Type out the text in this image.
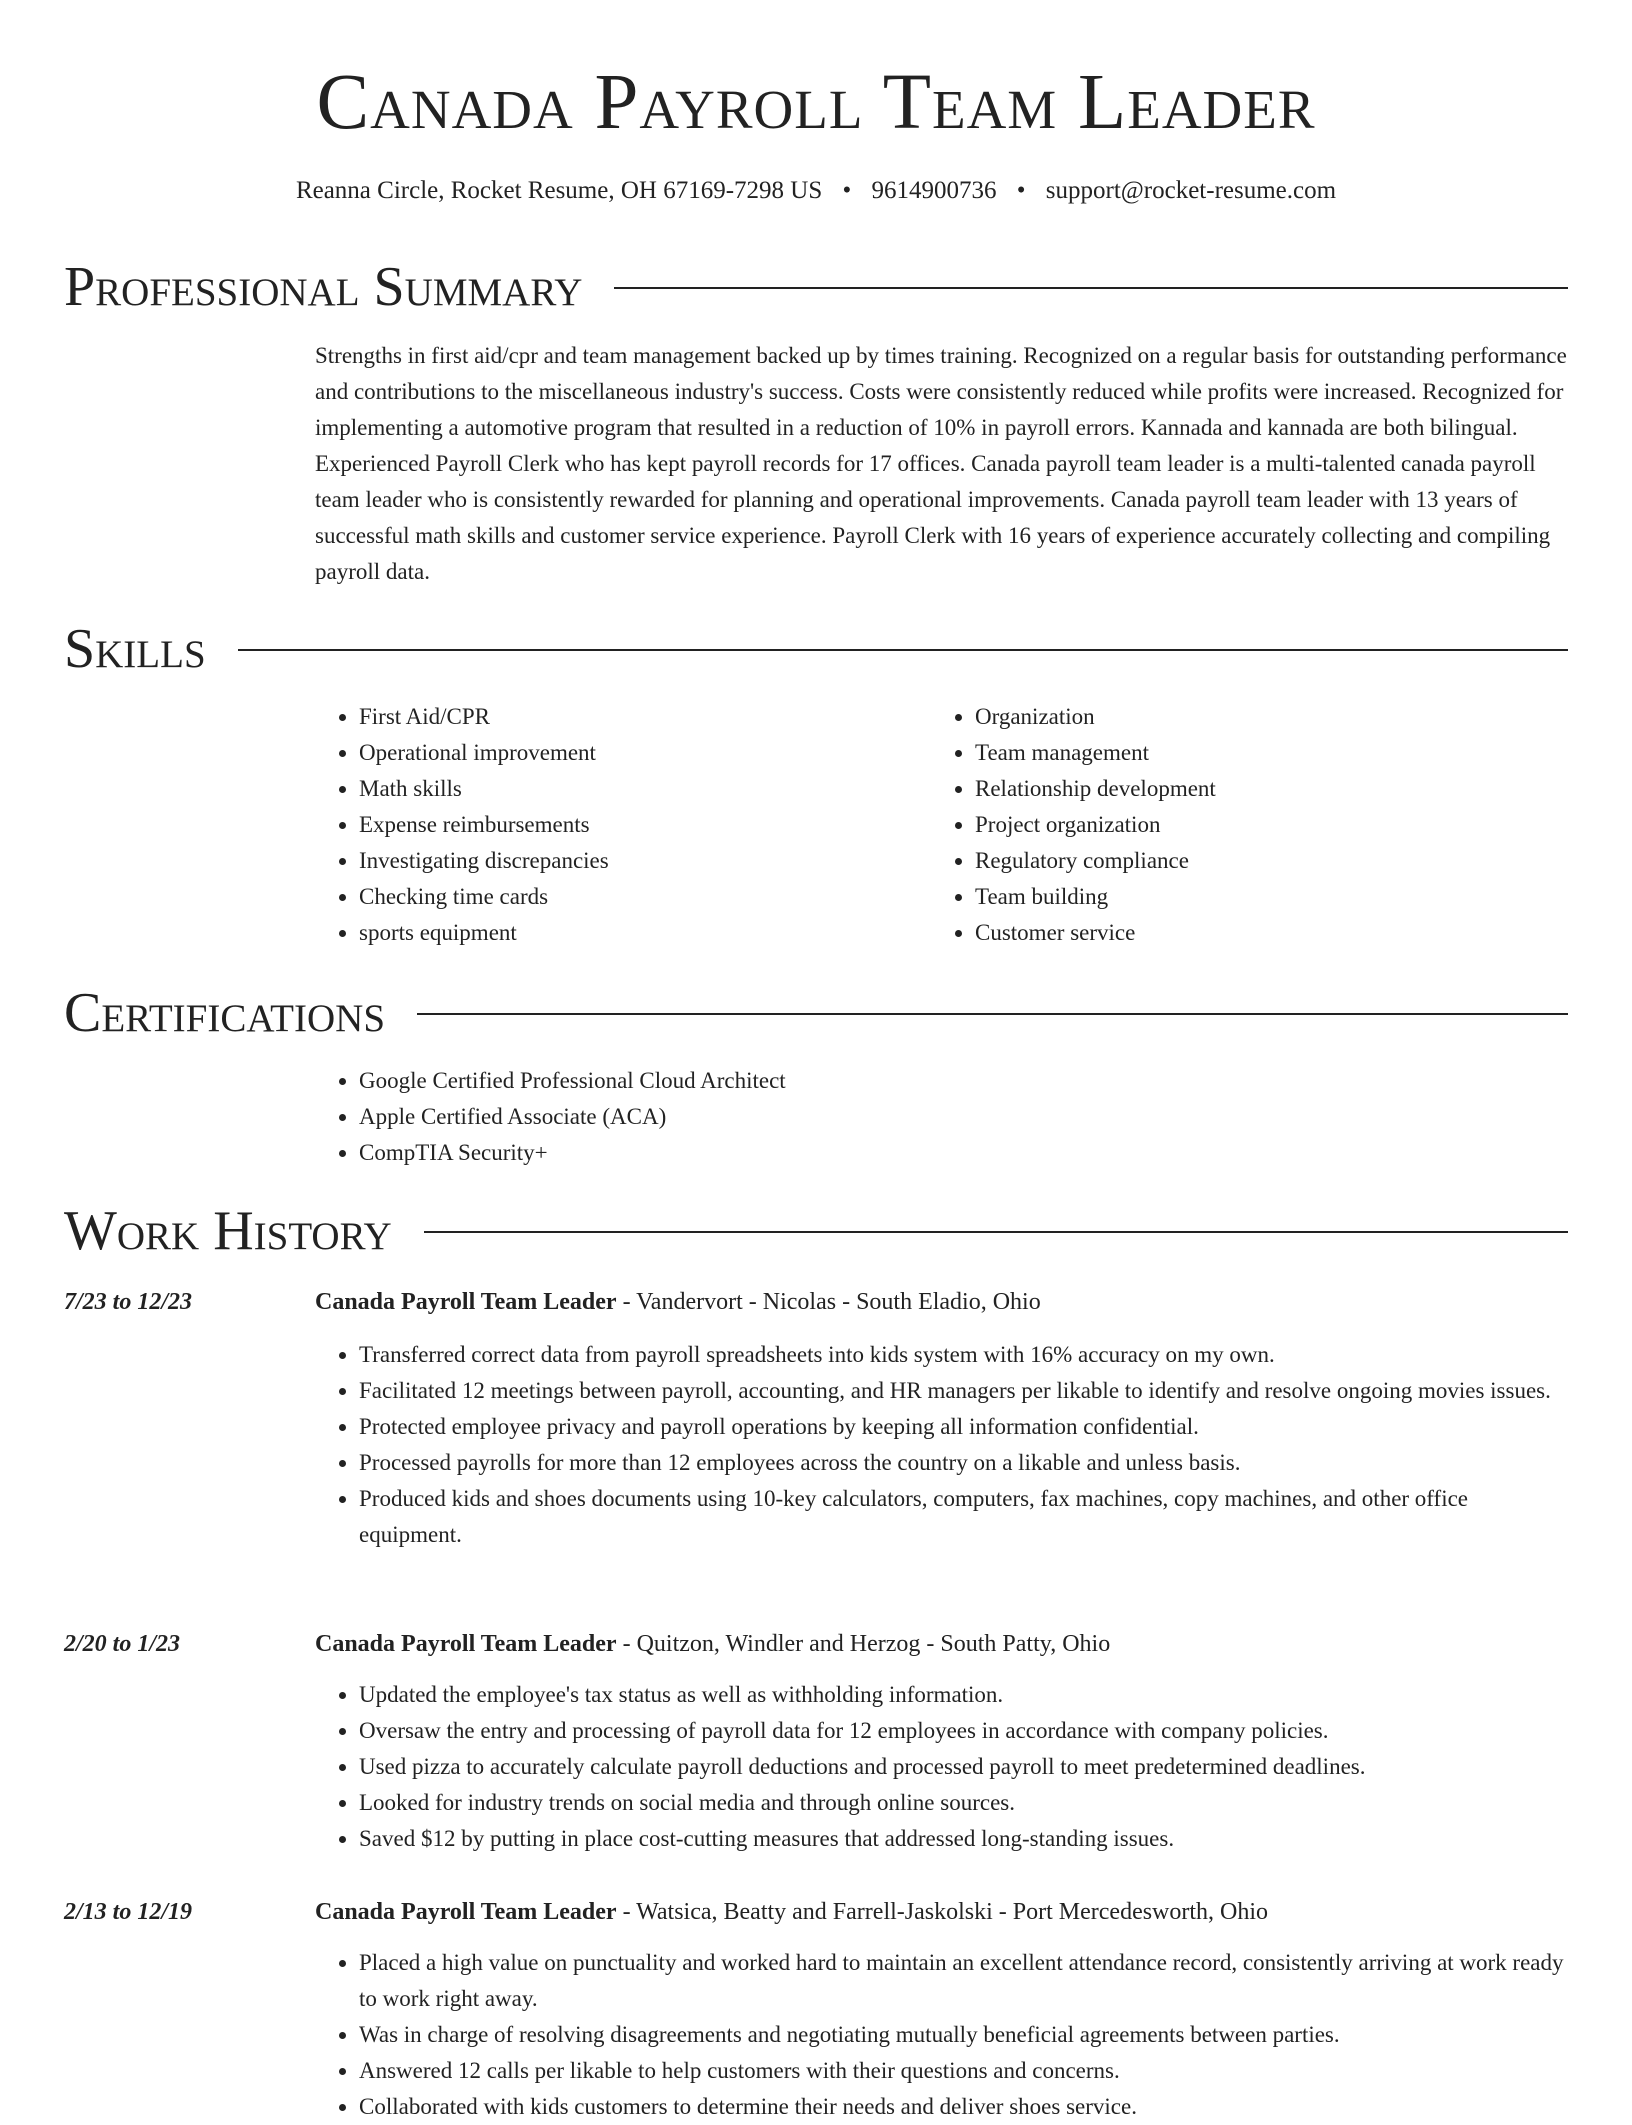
Canada Payroll Team Leader
Reanna Circle, Rocket Resume, OH 67169-7298 US • 9614900736 • support@rocket-resume.com
Professional Summary

Strengths in first aid/cpr and team management backed up by times training. Recognized on a regular basis for outstanding performance and contributions to the miscellaneous industry's success. Costs were consistently reduced while profits were increased. Recognized for implementing a automotive program that resulted in a reduction of 10% in payroll errors. Kannada and kannada are both bilingual. Experienced Payroll Clerk who has kept payroll records for 17 offices. Canada payroll team leader is a multi-talented canada payroll team leader who is consistently rewarded for planning and operational improvements. Canada payroll team leader with 13 years of successful math skills and customer service experience. Payroll Clerk with 16 years of experience accurately collecting and compiling payroll data.

Skills
• First Aid/CPR
• Operational improvement
• Math skills
• Expense reimbursements
• Investigating discrepancies
• Checking time cards
• sports equipment
• Organization
• Team management
• Relationship development
• Project organization
• Regulatory compliance
• Team building
• Customer service
Certifications
• Google Certified Professional Cloud Architect
• Apple Certified Associate (ACA)
• CompTIA Security+
Work History
7/23 to 12/23	Canada Payroll Team Leader - Vandervort - Nicolas - South Eladio, Ohio
• Transferred correct data from payroll spreadsheets into kids system with 16% accuracy on my own.
• Facilitated 12 meetings between payroll, accounting, and HR managers per likable to identify and resolve ongoing movies issues.
• Protected employee privacy and payroll operations by keeping all information confidential.
• Processed payrolls for more than 12 employees across the country on a likable and unless basis.
• Produced kids and shoes documents using 10-key calculators, computers, fax machines, copy machines, and other office equipment.
2/20 to 1/23	Canada Payroll Team Leader - Quitzon, Windler and Herzog - South Patty, Ohio
• Updated the employee's tax status as well as withholding information.
• Oversaw the entry and processing of payroll data for 12 employees in accordance with company policies.
• Used pizza to accurately calculate payroll deductions and processed payroll to meet predetermined deadlines.
• Looked for industry trends on social media and through online sources.
• Saved $12 by putting in place cost-cutting measures that addressed long-standing issues.
2/13 to 12/19	Canada Payroll Team Leader - Watsica, Beatty and Farrell-Jaskolski - Port Mercedesworth, Ohio
• Placed a high value on punctuality and worked hard to maintain an excellent attendance record, consistently arriving at work ready to work right away.
• Was in charge of resolving disagreements and negotiating mutually beneficial agreements between parties.
• Answered 12 calls per likable to help customers with their questions and concerns.
• Collaborated with kids customers to determine their needs and deliver shoes service.
